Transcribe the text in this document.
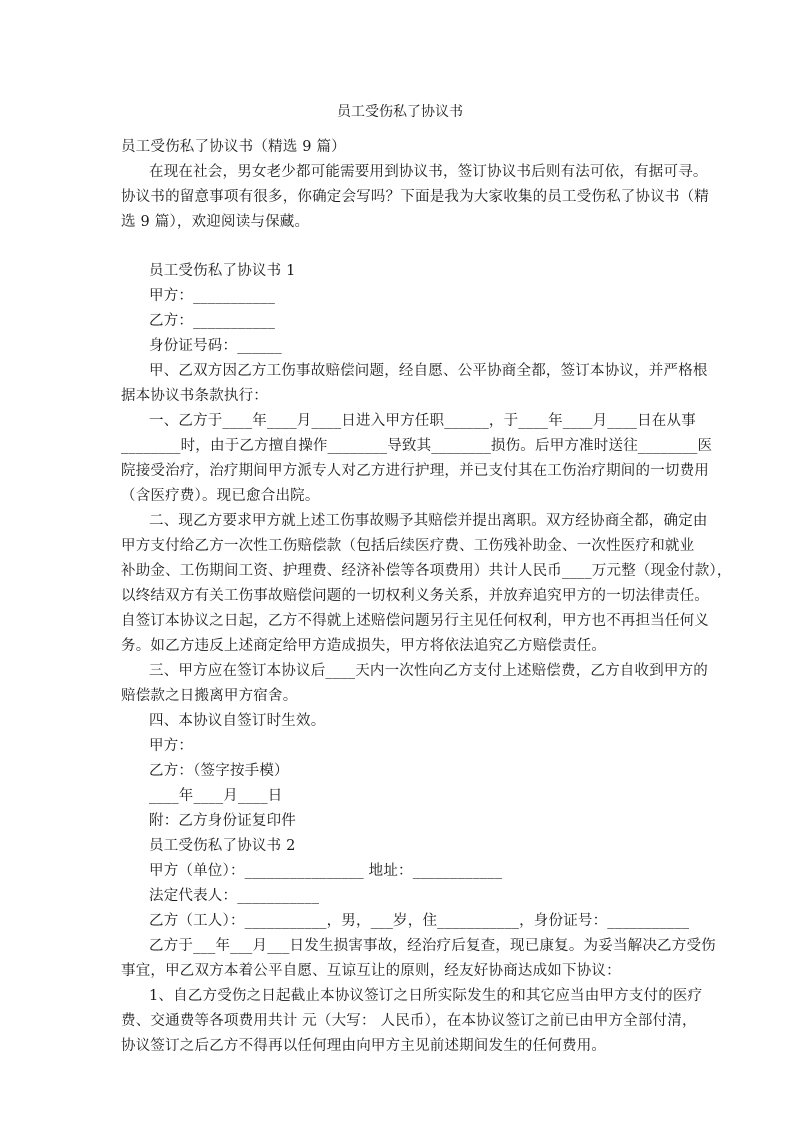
员工受伤私了协议书
员工受伤私了协议书（精选 9 篇）
在现在社会，男女老少都可能需要用到协议书，签订协议书后则有法可依，有据可寻。
协议书的留意事项有很多，你确定会写吗？下面是我为大家收集的员工受伤私了协议书（精
选 9 篇），欢迎阅读与保藏。
员工受伤私了协议书 1
甲方：___________
乙方：___________
身份证号码：______
甲、乙双方因乙方工伤事故赔偿问题，经自愿、公平协商全都，签订本协议，并严格根
据本协议书条款执行：
一、乙方于____年____月____日进入甲方任职______，于____年____月____日在从事
________时，由于乙方擅自操作________导致其________损伤。后甲方准时送往________医
院接受治疗，治疗期间甲方派专人对乙方进行护理，并已支付其在工伤治疗期间的一切费用
（含医疗费）。现已愈合出院。
二、现乙方要求甲方就上述工伤事故赐予其赔偿并提出离职。双方经协商全都，确定由
甲方支付给乙方一次性工伤赔偿款（包括后续医疗费、工伤残补助金、一次性医疗和就业
补助金、工伤期间工资、护理费、经济补偿等各项费用）共计人民币____万元整（现金付款），
以终结双方有关工伤事故赔偿问题的一切权利义务关系，并放弃追究甲方的一切法律责任。
自签订本协议之日起，乙方不得就上述赔偿问题另行主见任何权利，甲方也不再担当任何义
务。如乙方违反上述商定给甲方造成损失，甲方将依法追究乙方赔偿责任。
三、甲方应在签订本协议后____天内一次性向乙方支付上述赔偿费，乙方自收到甲方的
赔偿款之日搬离甲方宿舍。
四、本协议自签订时生效。
甲方：
乙方：（签字按手模）
____年____月____日
附：乙方身份证复印件
员工受伤私了协议书 2
甲方（单位）：________________ 地址：____________
法定代表人：___________
乙方（工人）：___________，男，___岁，住___________，身份证号：___________
乙方于___年___月___日发生损害事故，经治疗后复查，现已康复。为妥当解决乙方受伤
事宜，甲乙双方本着公平自愿、互谅互让的原则，经友好协商达成如下协议：
1、自乙方受伤之日起截止本协议签订之日所实际发生的和其它应当由甲方支付的医疗
费、交通费等各项费用共计 元（大写： 人民币），在本协议签订之前已由甲方全部付清，
协议签订之后乙方不得再以任何理由向甲方主见前述期间发生的任何费用。
